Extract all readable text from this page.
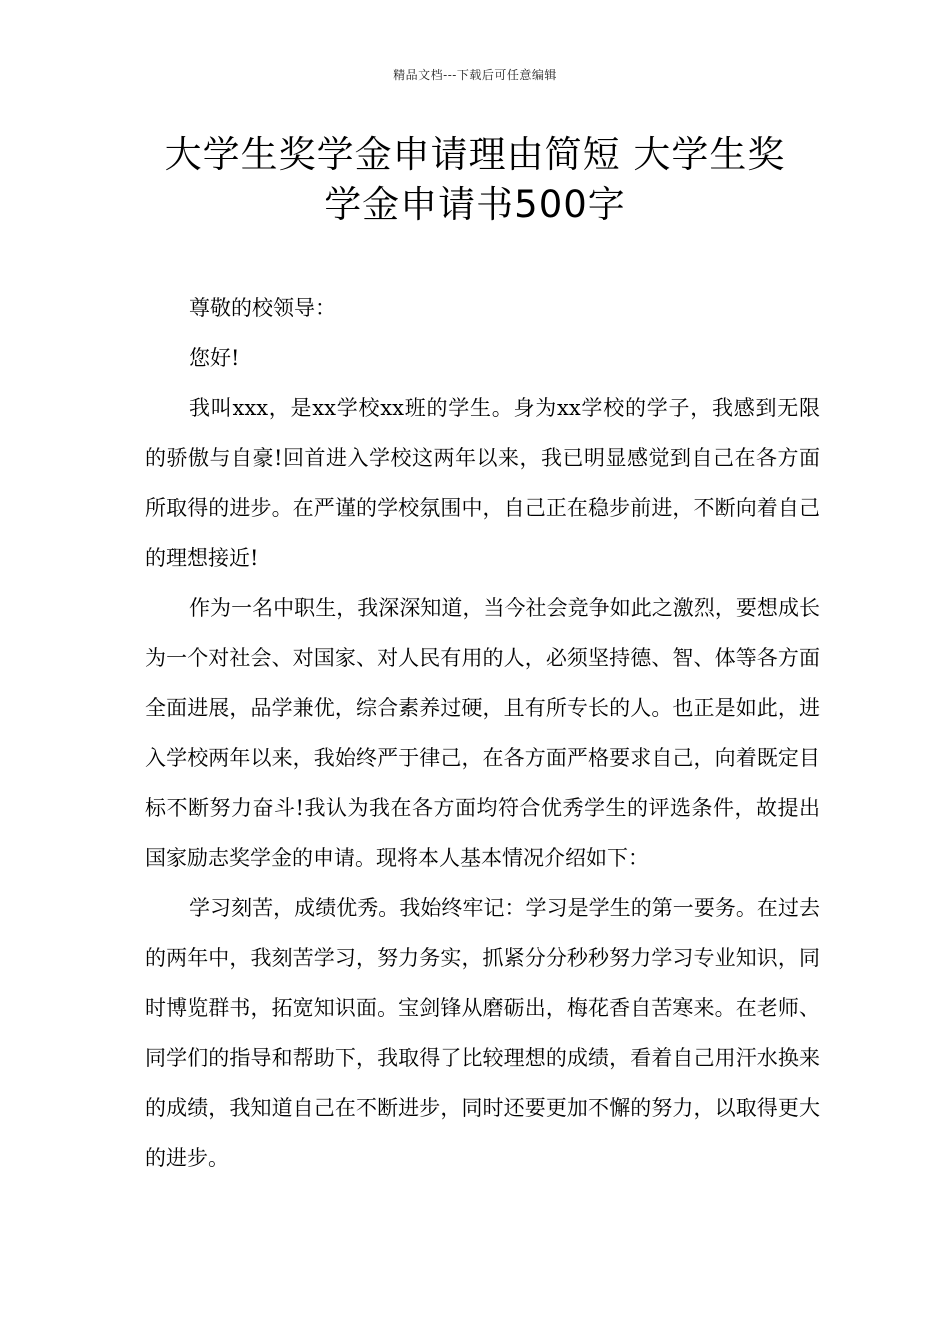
精品文档---下载后可任意编辑
大学生奖学金申请理由简短 大学生奖
学金申请书500字

尊敬的校领导：

您好!

我叫xxx，是xx学校xx班的学生。身为xx学校的学子，我感到无限的骄傲与自豪!回首进入学校这两年以来，我已明显感觉到自己在各方面所取得的进步。在严谨的学校氛围中，自己正在稳步前进，不断向着自己的理想接近!

作为一名中职生，我深深知道，当今社会竞争如此之激烈，要想成长为一个对社会、对国家、对人民有用的人，必须坚持德、智、体等各方面全面进展，品学兼优，综合素养过硬，且有所专长的人。也正是如此，进入学校两年以来，我始终严于律己，在各方面严格要求自己，向着既定目标不断努力奋斗!我认为我在各方面均符合优秀学生的评选条件，故提出国家励志奖学金的申请。现将本人基本情况介绍如下：

学习刻苦，成绩优秀。我始终牢记：学习是学生的第一要务。在过去的两年中，我刻苦学习，努力务实，抓紧分分秒秒努力学习专业知识，同时博览群书，拓宽知识面。宝剑锋从磨砺出，梅花香自苦寒来。在老师、同学们的指导和帮助下，我取得了比较理想的成绩，看着自己用汗水换来的成绩，我知道自己在不断进步，同时还要更加不懈的努力，以取得更大的进步。
